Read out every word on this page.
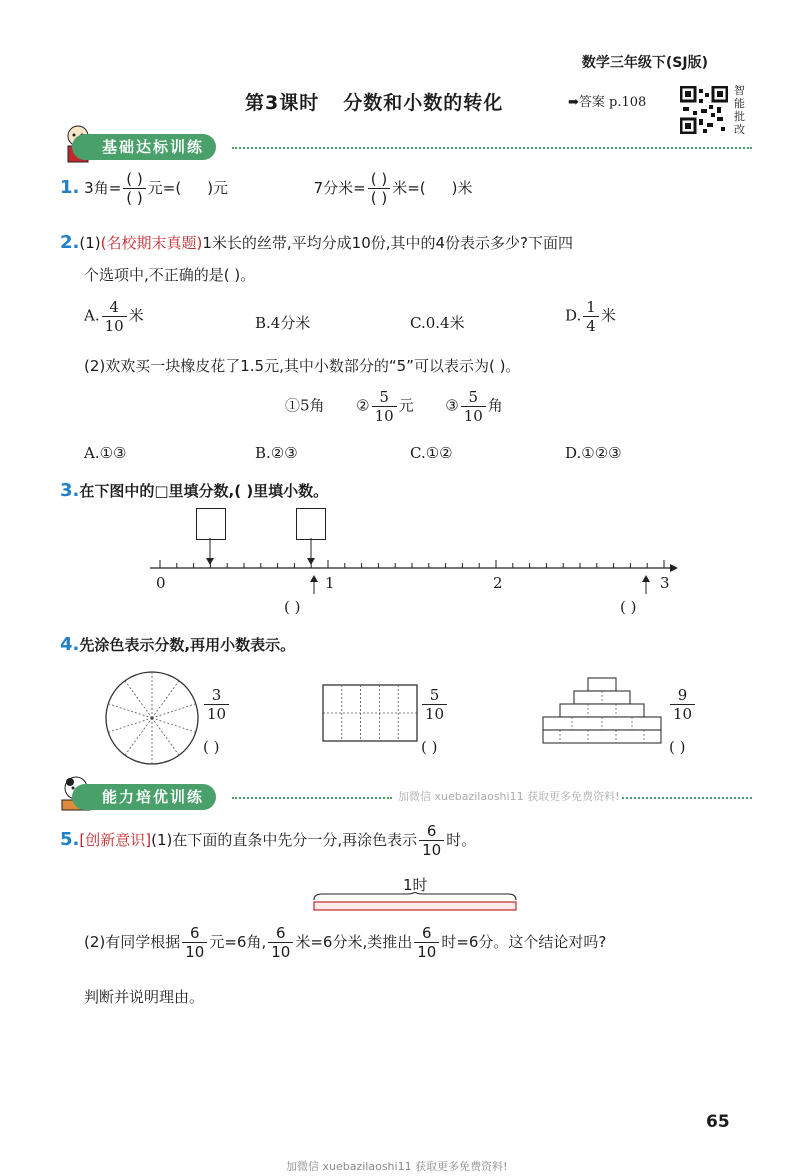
数学三年级下(SJ版)
第3课时 分数和小数的转化	➡答案 p.108
智能批改
基础达标训练
1. 3角= $\frac{( )}{( )}$ 元=( )元	7分米= $\frac{( )}{( )}$ 米=( )米
2.(1)(名校期末真题)1米长的丝带,平均分成10份,其中的4份表示多少?下面四
个选项中,不正确的是( )。
A. $\frac{4}{10}$ 米	B.4分米	C.0.4米	D. $\frac{1}{4}$ 米
(2)欢欢买一块橡皮花了1.5元,其中小数部分的“5”可以表示为( )。
①5角 ② $\frac{5}{10}$ 元 ③ $\frac{5}{10}$ 角
A.①③	B.②③	C.①②	D.①②③
3.在下图中的□里填分数,( )里填小数。
0	1	2	3
( )	( )
4.先涂色表示分数,再用小数表示。
$\frac{3}{10}$
( )
$\frac{5}{10}$
( )
$\frac{9}{10}$
( )
能力培优训练	加微信 xuebazilaoshi11 获取更多免费资料!
5.[创新意识](1)在下面的直条中先分一分,再涂色表示 $\frac{6}{10}$ 时。
1时
(2)有同学根据 $\frac{6}{10}$ 元=6角, $\frac{6}{10}$ 米=6分米,类推出 $\frac{6}{10}$ 时=6分。这个结论对吗?
判断并说明理由。
65
加微信 xuebazilaoshi11 获取更多免费资料!
